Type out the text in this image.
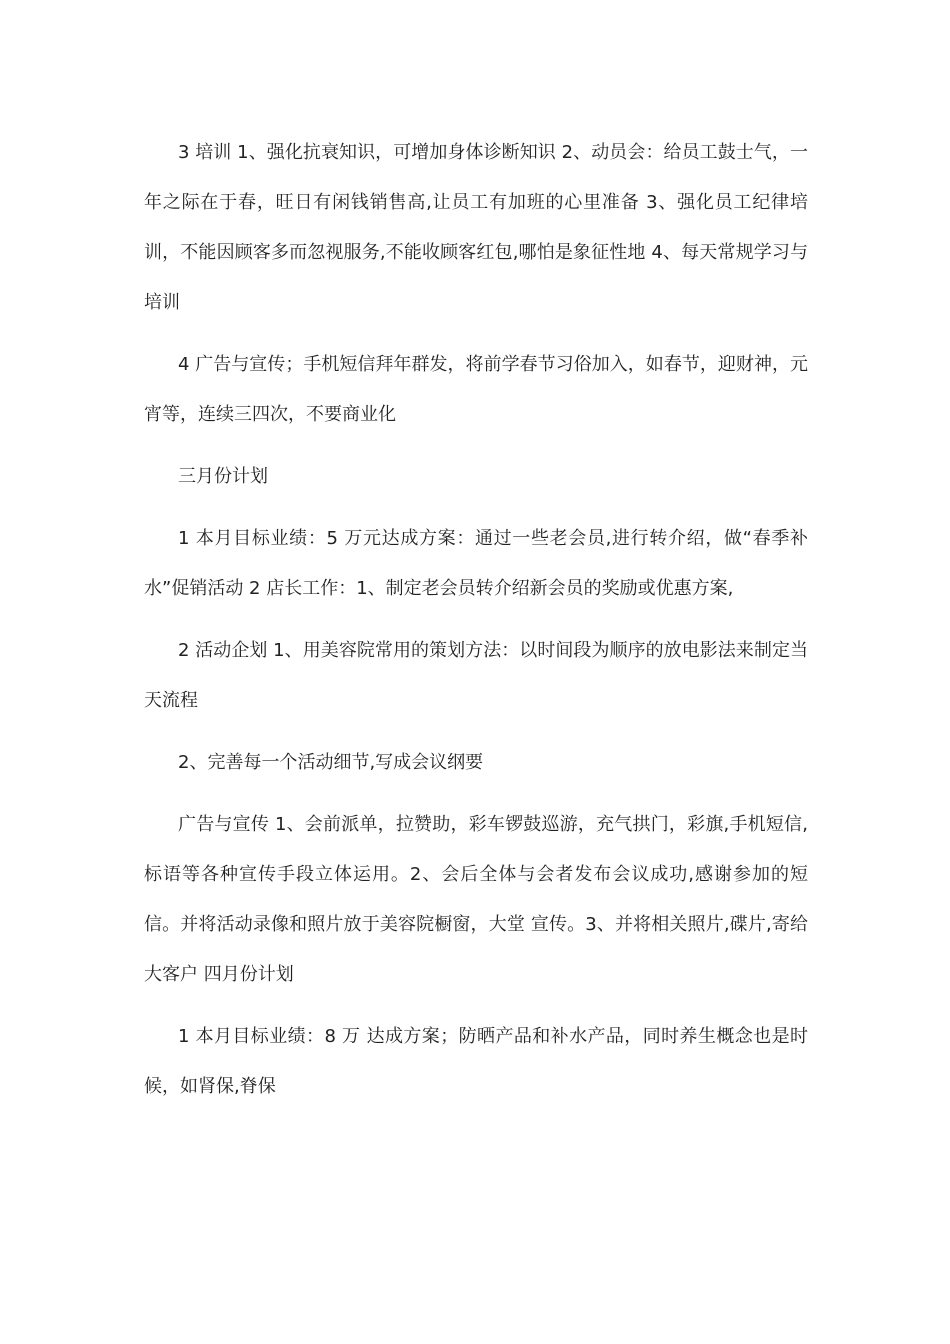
3 培训 1、强化抗衰知识，可增加身体诊断知识 2、动员会：给员工鼓士气，一年之际在于春，旺日有闲钱销售高,让员工有加班的心里准备 3、强化员工纪律培训，不能因顾客多而忽视服务,不能收顾客红包,哪怕是象征性地 4、每天常规学习与培训

4 广告与宣传；手机短信拜年群发，将前学春节习俗加入，如春节，迎财神，元宵等，连续三四次，不要商业化

三月份计划

1 本月目标业绩：5 万元达成方案：通过一些老会员,进行转介绍，做“春季补水”促销活动 2 店长工作：1、制定老会员转介绍新会员的奖励或优惠方案,

2 活动企划 1、用美容院常用的策划方法：以时间段为顺序的放电影法来制定当天流程

2、完善每一个活动细节,写成会议纲要

广告与宣传 1、会前派单，拉赞助，彩车锣鼓巡游，充气拱门，彩旗,手机短信,标语等各种宣传手段立体运用。2、会后全体与会者发布会议成功,感谢参加的短信。并将活动录像和照片放于美容院橱窗，大堂 宣传。3、并将相关照片,碟片,寄给大客户 四月份计划

1 本月目标业绩：8 万 达成方案；防晒产品和补水产品，同时养生概念也是时候，如肾保,脊保
